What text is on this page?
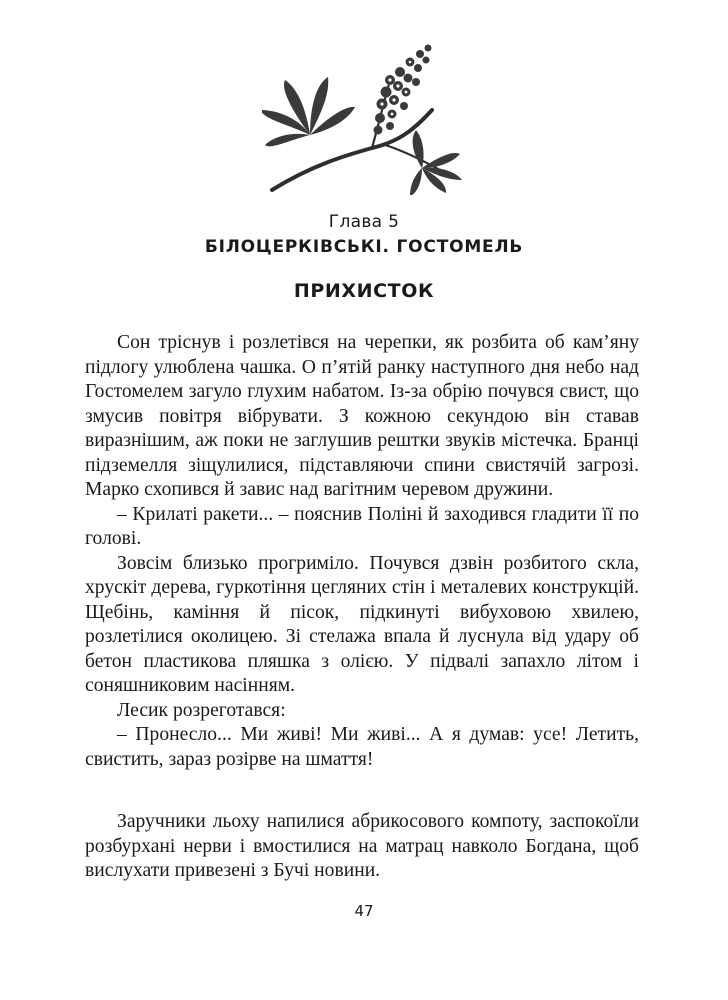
Глава 5
БІЛОЦЕРКІВСЬКІ. ГОСТОМЕЛЬ
ПРИХИСТОК

Сон тріснув і розлетівся на черепки, як розбита об кам’яну підлогу улюблена чашка. О п’ятій ранку наступного дня небо над Гостомелем загуло глухим набатом. Із-за обрію почувся свист, що змусив повітря вібрувати. З кожною секундою він ставав виразнішим, аж поки не заглушив рештки звуків містечка. Бранці підземелля зіщулилися, підставляючи спини свистячій загрозі. Марко схопився й завис над вагітним черевом дружини.

– Крилаті ракети... – пояснив Поліні й заходився гладити її по голові.

Зовсім близько прогриміло. Почувся дзвін розбитого скла, хрускіт дерева, гуркотіння цегляних стін і металевих конструкцій. Щебінь, каміння й пісок, підкинуті вибуховою хвилею, розлетілися околицею. Зі стелажа впала й луснула від удару об бетон пластикова пляшка з олією. У підвалі запахло літом і соняшниковим насінням.

Лесик розреготався:

– Пронесло... Ми живі! Ми живі... А я думав: усе! Летить, свистить, зараз розірве на шмаття!

Заручники льоху напилися абрикосового компоту, заспокоїли розбурхані нерви і вмостилися на матрац навколо Богдана, щоб вислухати привезені з Бучі новини.

47
